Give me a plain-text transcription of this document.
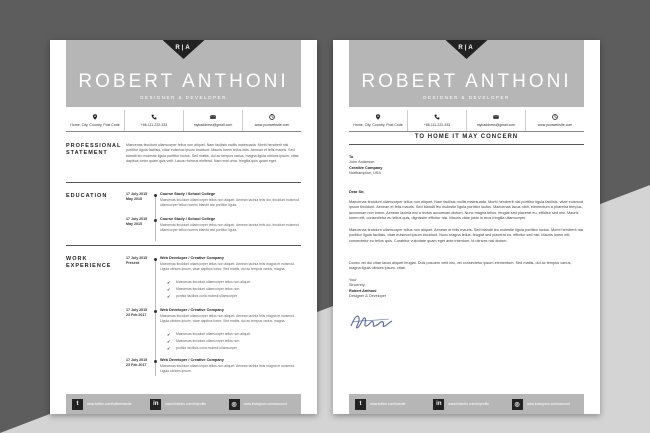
R|A
ROBERT ANTHONI
DESIGNER & DEVELOPER
Home, City, Country, Post Code	+66-111-222-333	mybaddress@gmail.com	www.yourwebsite.com
PROFESSIONAL
STATEMENT
Maecenas tincidunt ullamcorper tellus non aliquet. Nam facilisis mollis malesuada. Morbi hendrerit nisi porttitor ligula facilisis, vitae euismod ipsum tincidunt. Mauris lorem tellus felis. Aenean et felis mauris. Sed blandit leo molestie ligula porttitor luctus. Sed mattis, dui ac tempus varius, magna ligula ultrices ipsum, vitae dapibus tortor quam quis velit. Lacus rhoncus eleifend. Nam erat urna, fringilla quis quam eget.
EDUCATION	17 July 2015
May 2015
Course Study / School College
Maecenas tincidunt ullamcorper tellus non aliquet. Aenean lacinia felis dui, tincidunt euismod ullamcorper tellus nonem blandit nisi porttitor ligula.
17 July 2015
May 2015
Course Study / School College
Maecenas tincidunt ullamcorper tellus non aliquet. Aenean lacinia felis dui, tincidunt euismod ullamcorper tellus nonem blandit nisi porttitor ligula.
WORK
EXPERIENCE
17 July 2015
Present
Web Developer / Creative Company
Maecenas tincidunt ullamcorper tellus non aliquet. Aenean lacinia felis magna et euismod. Ligula ultrices ipsum, vitae dapibus tortor. Sed mattis, dui ac tempus varius, magna.
✔ Maecenas tincidunt ullamcorper tellus non aliquet
✔ Maecenas tincidunt ullamcorper tellus non
✔ portitor facilisis curia molesti ullamcorper
17 July 2015
23 Feb 2017
Web Developer / Creative Company
Maecenas tincidunt ullamcorper tellus non aliquet. Aenean lacinia felis magna et euismod. Ligula ultrices ipsum, vitae dapibus tortor. Sed mattis, dui ac tempus varius, magna.
✔ Maecenas tincidunt ullamcorper tellus non aliquet
✔ Maecenas tincidunt ullamcorper tellus non
✔ portitor facilisis curia molesti ullamcorper
17 July 2015
23 Feb 2017
Web Developer / Creative Company
Maecenas tincidunt ullamcorper tellus non aliquet. Aenean lacinia felis magna et euismod. Ligula ultrices ipsum.
t	www.twitter.com/twitterhandle	in	www.linkedin.com/in/profile	◎	www.instagram.com/account
R|A
ROBERT ANTHONI
DESIGNER & DEVELOPER
Home, City, Country, Post Code	+66-111-222-333	mybaddress@gmail.com	www.yourwebsite.com
TO HOME IT MAY CONCERN
To
John Anderson
Creative Company
Northampton, USA
Dear Sir,
Maecenas tincidunt ullamcorper tellus non aliquet. Nam facilisis mollis malesuada. Morbi hendrerit nisi porttitor ligula facilisis, vitae euismod ipsum tincidunt. Aenean et felis mauris. Sed blandit leo molestie ligula porttitor luctus. Maecenas lacus nibh, elementum a pharetra tempus, accumsan non lorem. Aenean lacinia nisl a lectus accumsan dictum. Nunc magna tellus, feugiat sed placerat eu, efficitur sed nisl. Mauris lorem elit, consectetur eu tellus quis, dignissim efficitur nisi. Mauris vitae justo in eros fringilla ullamcorper.
Maecenas tincidunt ullamcorper tellus non aliquet. Aenean et felis mauris. Sed blandit leo molestie ligula porttitor luctus. Morbi hendrerit nisi porttitor ligula facilisis, vitae euismod ipsum tincidunt. Nunc magna tellus, feugiat sed placerat eu, efficitur sed nisl. Mauris lorem elit, consectetur eu tellus quis. Curabitur vulputate quam eget ante interdum, id ultrices nisl dictum.
Donec vel dui vitae lacus aliquet feugiat. Duis posuere velit nisi, vel consectetur ipsum elementum. Sed mattis, dui ac tempus varius, magna ligula ultrices ipsum, vitae.
Your
Sincerely,
Robert Anthoni
Designer & Developer
t	www.twitter.com/handle	in	www.linkedin.com/in/profile	◎	www.instagram.com/account
